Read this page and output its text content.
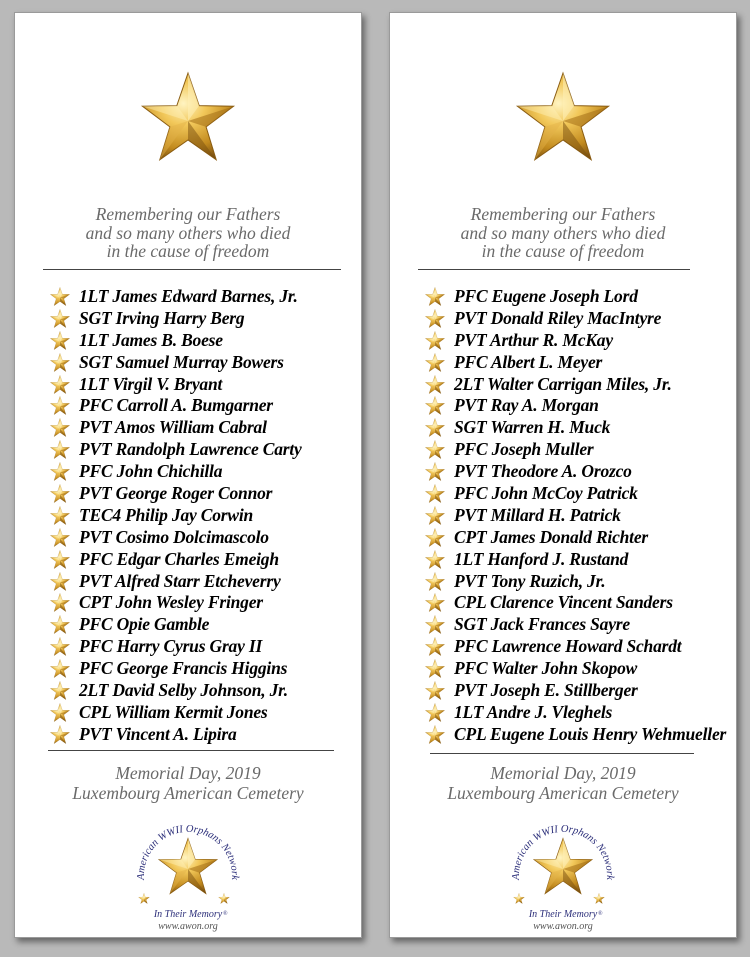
Remembering our Fathers
and so many others who died
in the cause of freedom
1LT James Edward Barnes, Jr.
SGT Irving Harry Berg
1LT James B. Boese
SGT Samuel Murray Bowers
1LT Virgil V. Bryant
PFC Carroll A. Bumgarner
PVT Amos William Cabral
PVT Randolph Lawrence Carty
PFC John Chichilla
PVT George Roger Connor
TEC4 Philip Jay Corwin
PVT Cosimo Dolcimascolo
PFC Edgar Charles Emeigh
PVT Alfred Starr Etcheverry
CPT John Wesley Fringer
PFC Opie Gamble
PFC Harry Cyrus Gray II
PFC George Francis Higgins
2LT David Selby Johnson, Jr.
CPL William Kermit Jones
PVT Vincent A. Lipira
Memorial Day, 2019
Luxembourg American Cemetery
American WWII Orphans Network
In Their Memory ®
www.awon.org
Remembering our Fathers
and so many others who died
in the cause of freedom
PFC Eugene Joseph Lord
PVT Donald Riley MacIntyre
PVT Arthur R. McKay
PFC Albert L. Meyer
2LT Walter Carrigan Miles, Jr.
PVT Ray A. Morgan
SGT Warren H. Muck
PFC Joseph Muller
PVT Theodore A. Orozco
PFC John McCoy Patrick
PVT Millard H. Patrick
CPT James Donald Richter
1LT Hanford J. Rustand
PVT Tony Ruzich, Jr.
CPL Clarence Vincent Sanders
SGT Jack Frances Sayre
PFC Lawrence Howard Schardt
PFC Walter John Skopow
PVT Joseph E. Stillberger
1LT Andre J. Vleghels
CPL Eugene Louis Henry Wehmueller
Memorial Day, 2019
Luxembourg American Cemetery
American WWII Orphans Network
In Their Memory ®
www.awon.org
